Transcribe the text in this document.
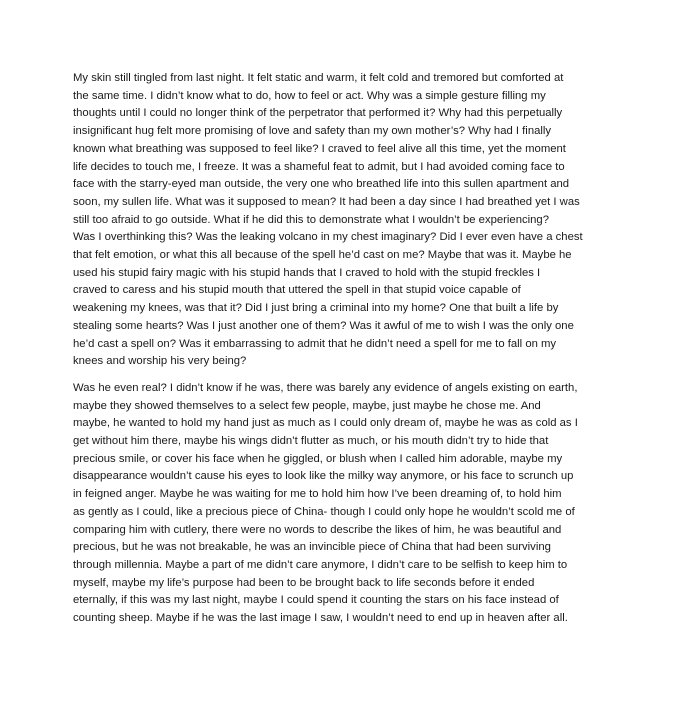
My skin still tingled from last night. It felt static and warm, it felt cold and tremored but comforted at
the same time. I didn’t know what to do, how to feel or act. Why was a simple gesture filling my
thoughts until I could no longer think of the perpetrator that performed it? Why had this perpetually
insignificant hug felt more promising of love and safety than my own mother’s? Why had I finally
known what breathing was supposed to feel like? I craved to feel alive all this time, yet the moment
life decides to touch me, I freeze. It was a shameful feat to admit, but I had avoided coming face to
face with the starry-eyed man outside, the very one who breathed life into this sullen apartment and
soon, my sullen life. What was it supposed to mean? It had been a day since I had breathed yet I was
still too afraid to go outside. What if he did this to demonstrate what I wouldn’t be experiencing?
Was I overthinking this? Was the leaking volcano in my chest imaginary? Did I ever even have a chest
that felt emotion, or what this all because of the spell he’d cast on me? Maybe that was it. Maybe he
used his stupid fairy magic with his stupid hands that I craved to hold with the stupid freckles I
craved to caress and his stupid mouth that uttered the spell in that stupid voice capable of
weakening my knees, was that it? Did I just bring a criminal into my home? One that built a life by
stealing some hearts? Was I just another one of them? Was it awful of me to wish I was the only one
he’d cast a spell on? Was it embarrassing to admit that he didn’t need a spell for me to fall on my
knees and worship his very being?

Was he even real? I didn’t know if he was, there was barely any evidence of angels existing on earth,
maybe they showed themselves to a select few people, maybe, just maybe he chose me. And
maybe, he wanted to hold my hand just as much as I could only dream of, maybe he was as cold as I
get without him there, maybe his wings didn’t flutter as much, or his mouth didn’t try to hide that
precious smile, or cover his face when he giggled, or blush when I called him adorable, maybe my
disappearance wouldn’t cause his eyes to look like the milky way anymore, or his face to scrunch up
in feigned anger. Maybe he was waiting for me to hold him how I’ve been dreaming of, to hold him
as gently as I could, like a precious piece of China- though I could only hope he wouldn’t scold me of
comparing him with cutlery, there were no words to describe the likes of him, he was beautiful and
precious, but he was not breakable, he was an invincible piece of China that had been surviving
through millennia. Maybe a part of me didn’t care anymore, I didn’t care to be selfish to keep him to
myself, maybe my life’s purpose had been to be brought back to life seconds before it ended
eternally, if this was my last night, maybe I could spend it counting the stars on his face instead of
counting sheep. Maybe if he was the last image I saw, I wouldn’t need to end up in heaven after all.
